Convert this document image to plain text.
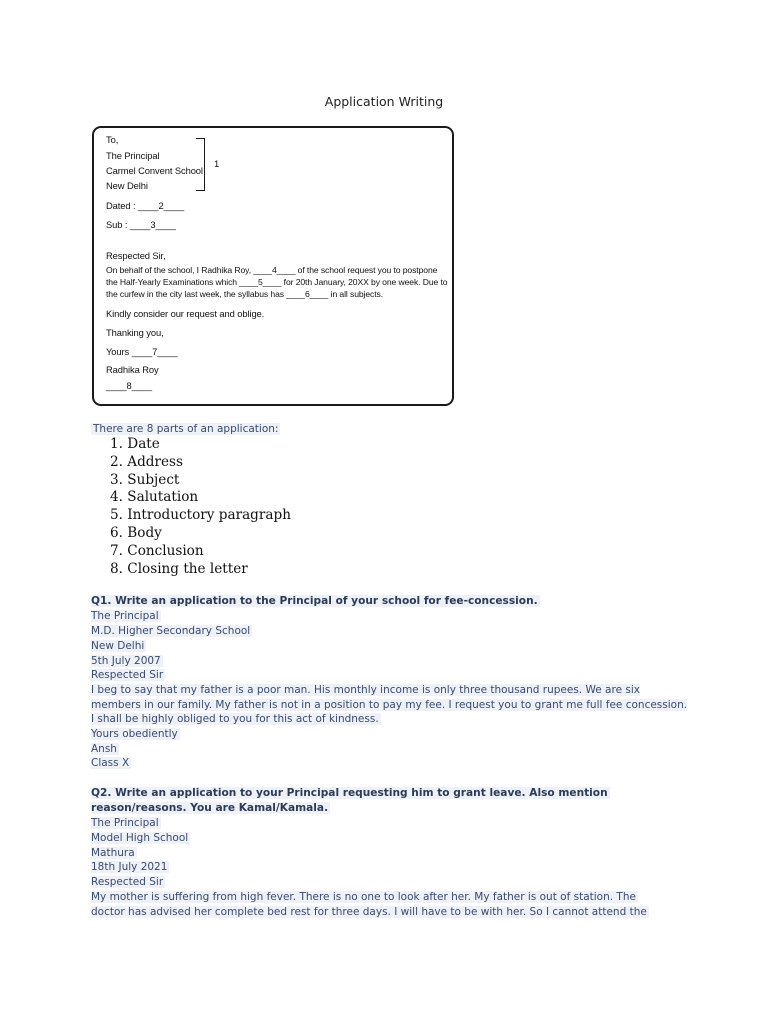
Application Writing
1
To,
The Principal
Carmel Convent School
New Delhi
Dated : ____2____
Sub : ____3____
Respected Sir,
On behalf of the school, I Radhika Roy, ____4____ of the school request you to postpone
the Half-Yearly Examinations which ____5____ for 20th January, 20XX by one week. Due to
the curfew in the city last week, the syllabus has ____6____ in all subjects.
Kindly consider our request and oblige.
Thanking you,
Yours ____7____
Radhika Roy
____8____
There are 8 parts of an application:
1. Date
2. Address
3. Subject
4. Salutation
5. Introductory paragraph
6. Body
7. Conclusion
8. Closing the letter
Q1. Write an application to the Principal of your school for fee-concession.
The Principal
M.D. Higher Secondary School
New Delhi
5th July 2007
Respected Sir
I beg to say that my father is a poor man. His monthly income is only three thousand rupees. We are six members in our family. My father is not in a position to pay my fee. I request you to grant me full fee concession. I shall be highly obliged to you for this act of kindness.
Yours obediently
Ansh
Class X
Q2. Write an application to your Principal requesting him to grant leave. Also mention
reason/reasons. You are Kamal/Kamala.
The Principal
Model High School
Mathura
18th July 2021
Respected Sir
My mother is suffering from high fever. There is no one to look after her. My father is out of station. The
doctor has advised her complete bed rest for three days. I will have to be with her. So I cannot attend the
